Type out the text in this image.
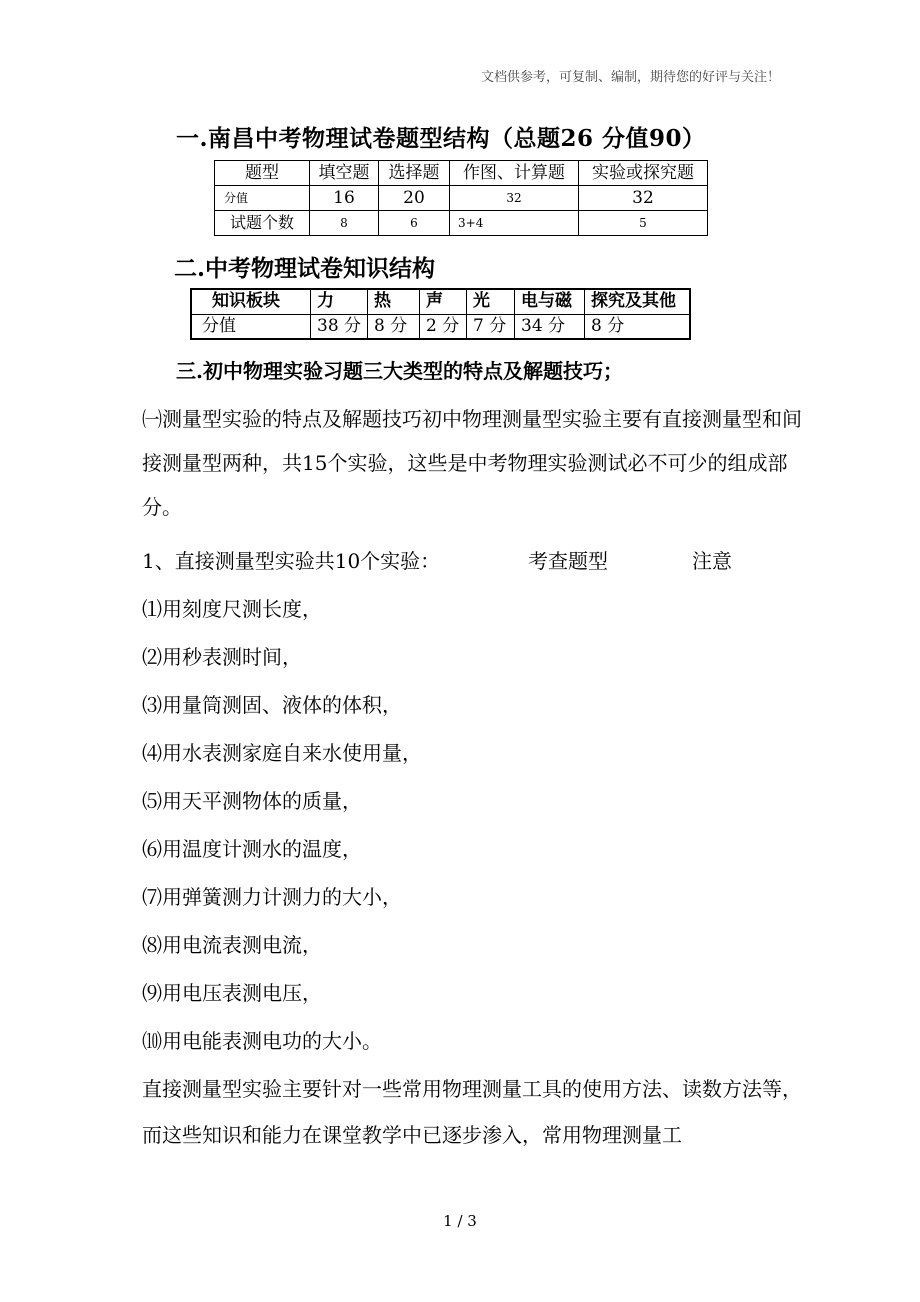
文档供参考，可复制、编制，期待您的好评与关注！
一.南昌中考物理试卷题型结构（总题26 分值90）
题型	填空题	选择题	作图、计算题	实验或探究题
分值	16	20	32	32
试题个数	8	6	3+4	5
二.中考物理试卷知识结构
知识板块	力	热	声	光	电与磁	探究及其他
分值	38 分	8 分	2 分	7 分	34 分	8 分
三.初中物理实验习题三大类型的特点及解题技巧；
㈠测量型实验的特点及解题技巧初中物理测量型实验主要有直接测量型和间接测量型两种，共15个实验，这些是中考物理实验测试必不可少的组成部分。
1、直接测量型实验共10个实验：	考查题型	注意
⑴用刻度尺测长度，
⑵用秒表测时间，
⑶用量筒测固、液体的体积，
⑷用水表测家庭自来水使用量，
⑸用天平测物体的质量，
⑹用温度计测水的温度，
⑺用弹簧测力计测力的大小，
⑻用电流表测电流，
⑼用电压表测电压，
⑽用电能表测电功的大小。
直接测量型实验主要针对一些常用物理测量工具的使用方法、读数方法等，而这些知识和能力在课堂教学中已逐步渗入，常用物理测量工
1 / 3
